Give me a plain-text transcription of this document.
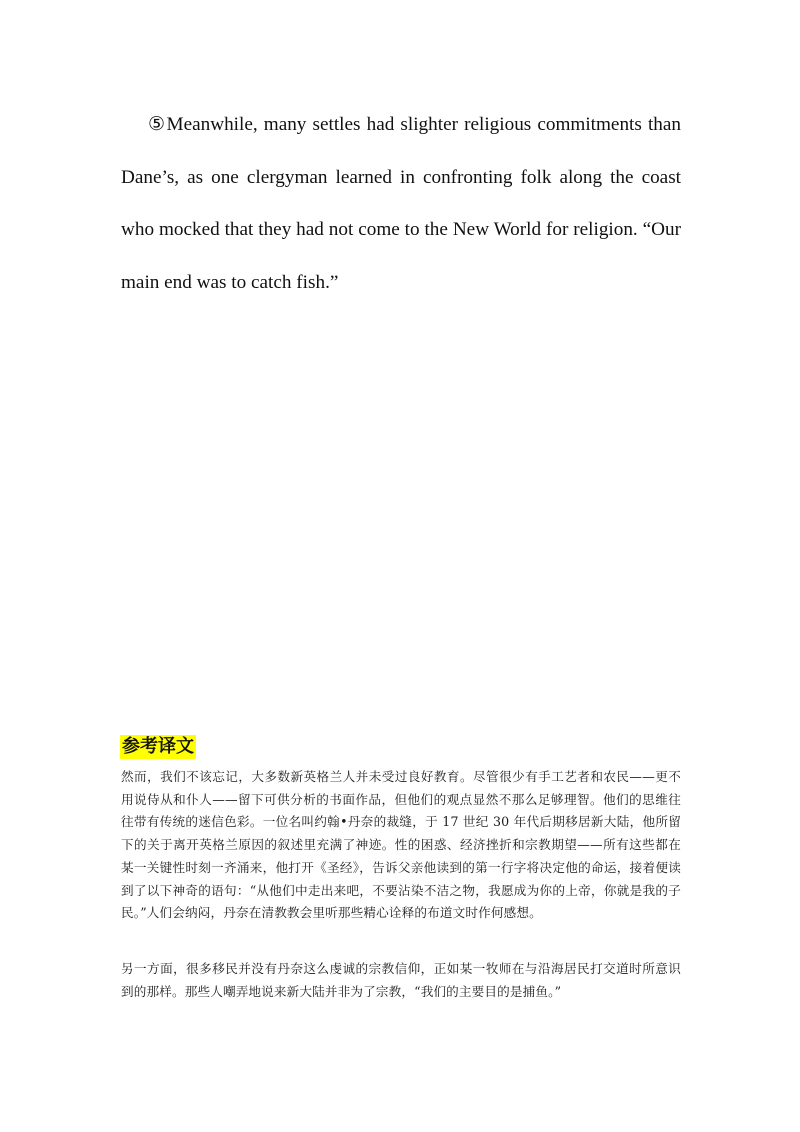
⑤Meanwhile, many settles had slighter religious commitments than Dane’s, as one clergyman learned in confronting folk along the coast who mocked that they had not come to the New World for religion. “Our main end was to catch fish.”

参考译文

然而，我们不该忘记，大多数新英格兰人并未受过良好教育。尽管很少有手工艺者和农民——更不用说侍从和仆人——留下可供分析的书面作品，但他们的观点显然不那么足够理智。他们的思维往往带有传统的迷信色彩。一位名叫约翰•丹奈的裁缝，于 17 世纪 30 年代后期移居新大陆，他所留下的关于离开英格兰原因的叙述里充满了神迹。性的困惑、经济挫折和宗教期望——所有这些都在某一关键性时刻一齐涌来，他打开《圣经》，告诉父亲他读到的第一行字将决定他的命运，接着便读到了以下神奇的语句：“从他们中走出来吧，不要沾染不洁之物，我愿成为你的上帝，你就是我的子民。”人们会纳闷，丹奈在清教教会里听那些精心诠释的布道文时作何感想。

另一方面，很多移民并没有丹奈这么虔诚的宗教信仰，正如某一牧师在与沿海居民打交道时所意识到的那样。那些人嘲弄地说来新大陆并非为了宗教，“我们的主要目的是捕鱼。”
